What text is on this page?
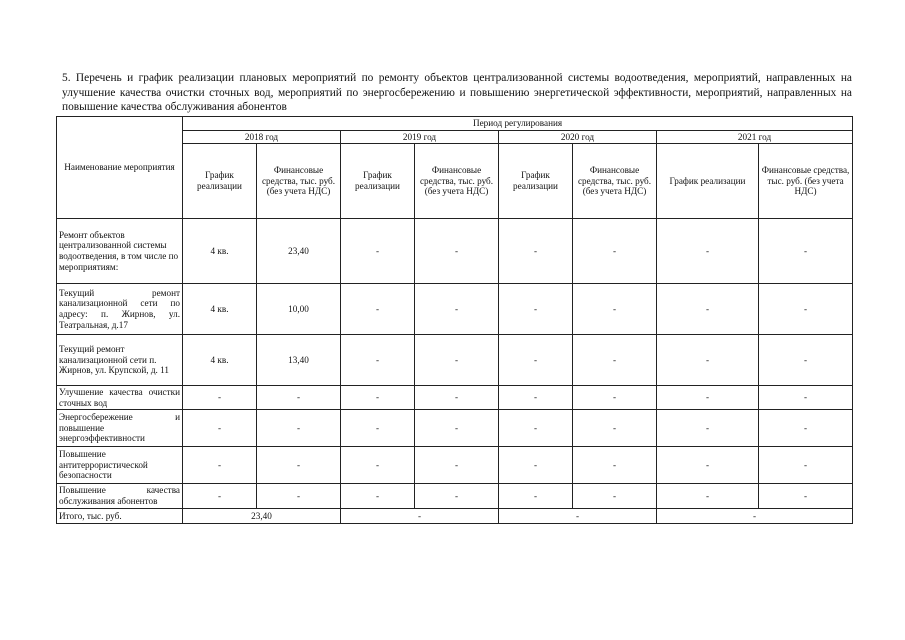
5. Перечень и график реализации плановых мероприятий по ремонту объектов централизованной системы водоотведения, мероприятий, направленных на улучшение качества очистки сточных вод, мероприятий по энергосбережению и повышению энергетической эффективности, мероприятий, направленных на повышение качества обслуживания абонентов

Наименование мероприятия	Период регулирования							
	2018 год		2019 год		2020 год		2021 год	
	График реализации	Финансовые средства, тыс. руб. (без учета НДС)	График реализации	Финансовые средства, тыс. руб. (без учета НДС)	График реализации	Финансовые средства, тыс. руб. (без учета НДС)	График реализации	Финансовые средства, тыс. руб. (без учета НДС)
Ремонт объектов централизованной системы водоотведения, в том числе по мероприятиям:	4 кв.	23,40	-	-	-	-	-	-
Текущий ремонт канализационной сети по адресу: п. Жирнов, ул. Театральная, д.17	4 кв.	10,00	-	-	-	-	-	-
Текущий ремонт канализационной сети п. Жирнов, ул. Крупской, д. 11	4 кв.	13,40	-	-	-	-	-	-
Улучшение качества очистки сточных вод	-	-	-	-	-	-	-	-
Энергосбережение и повышение энергоэффективности	-	-	-	-	-	-	-	-
Повышение антитеррористической безопасности	-	-	-	-	-	-	-	-
Повышение качества обслуживания абонентов	-	-	-	-	-	-	-	-
Итого, тыс. руб.	23,40		-		-		-	
